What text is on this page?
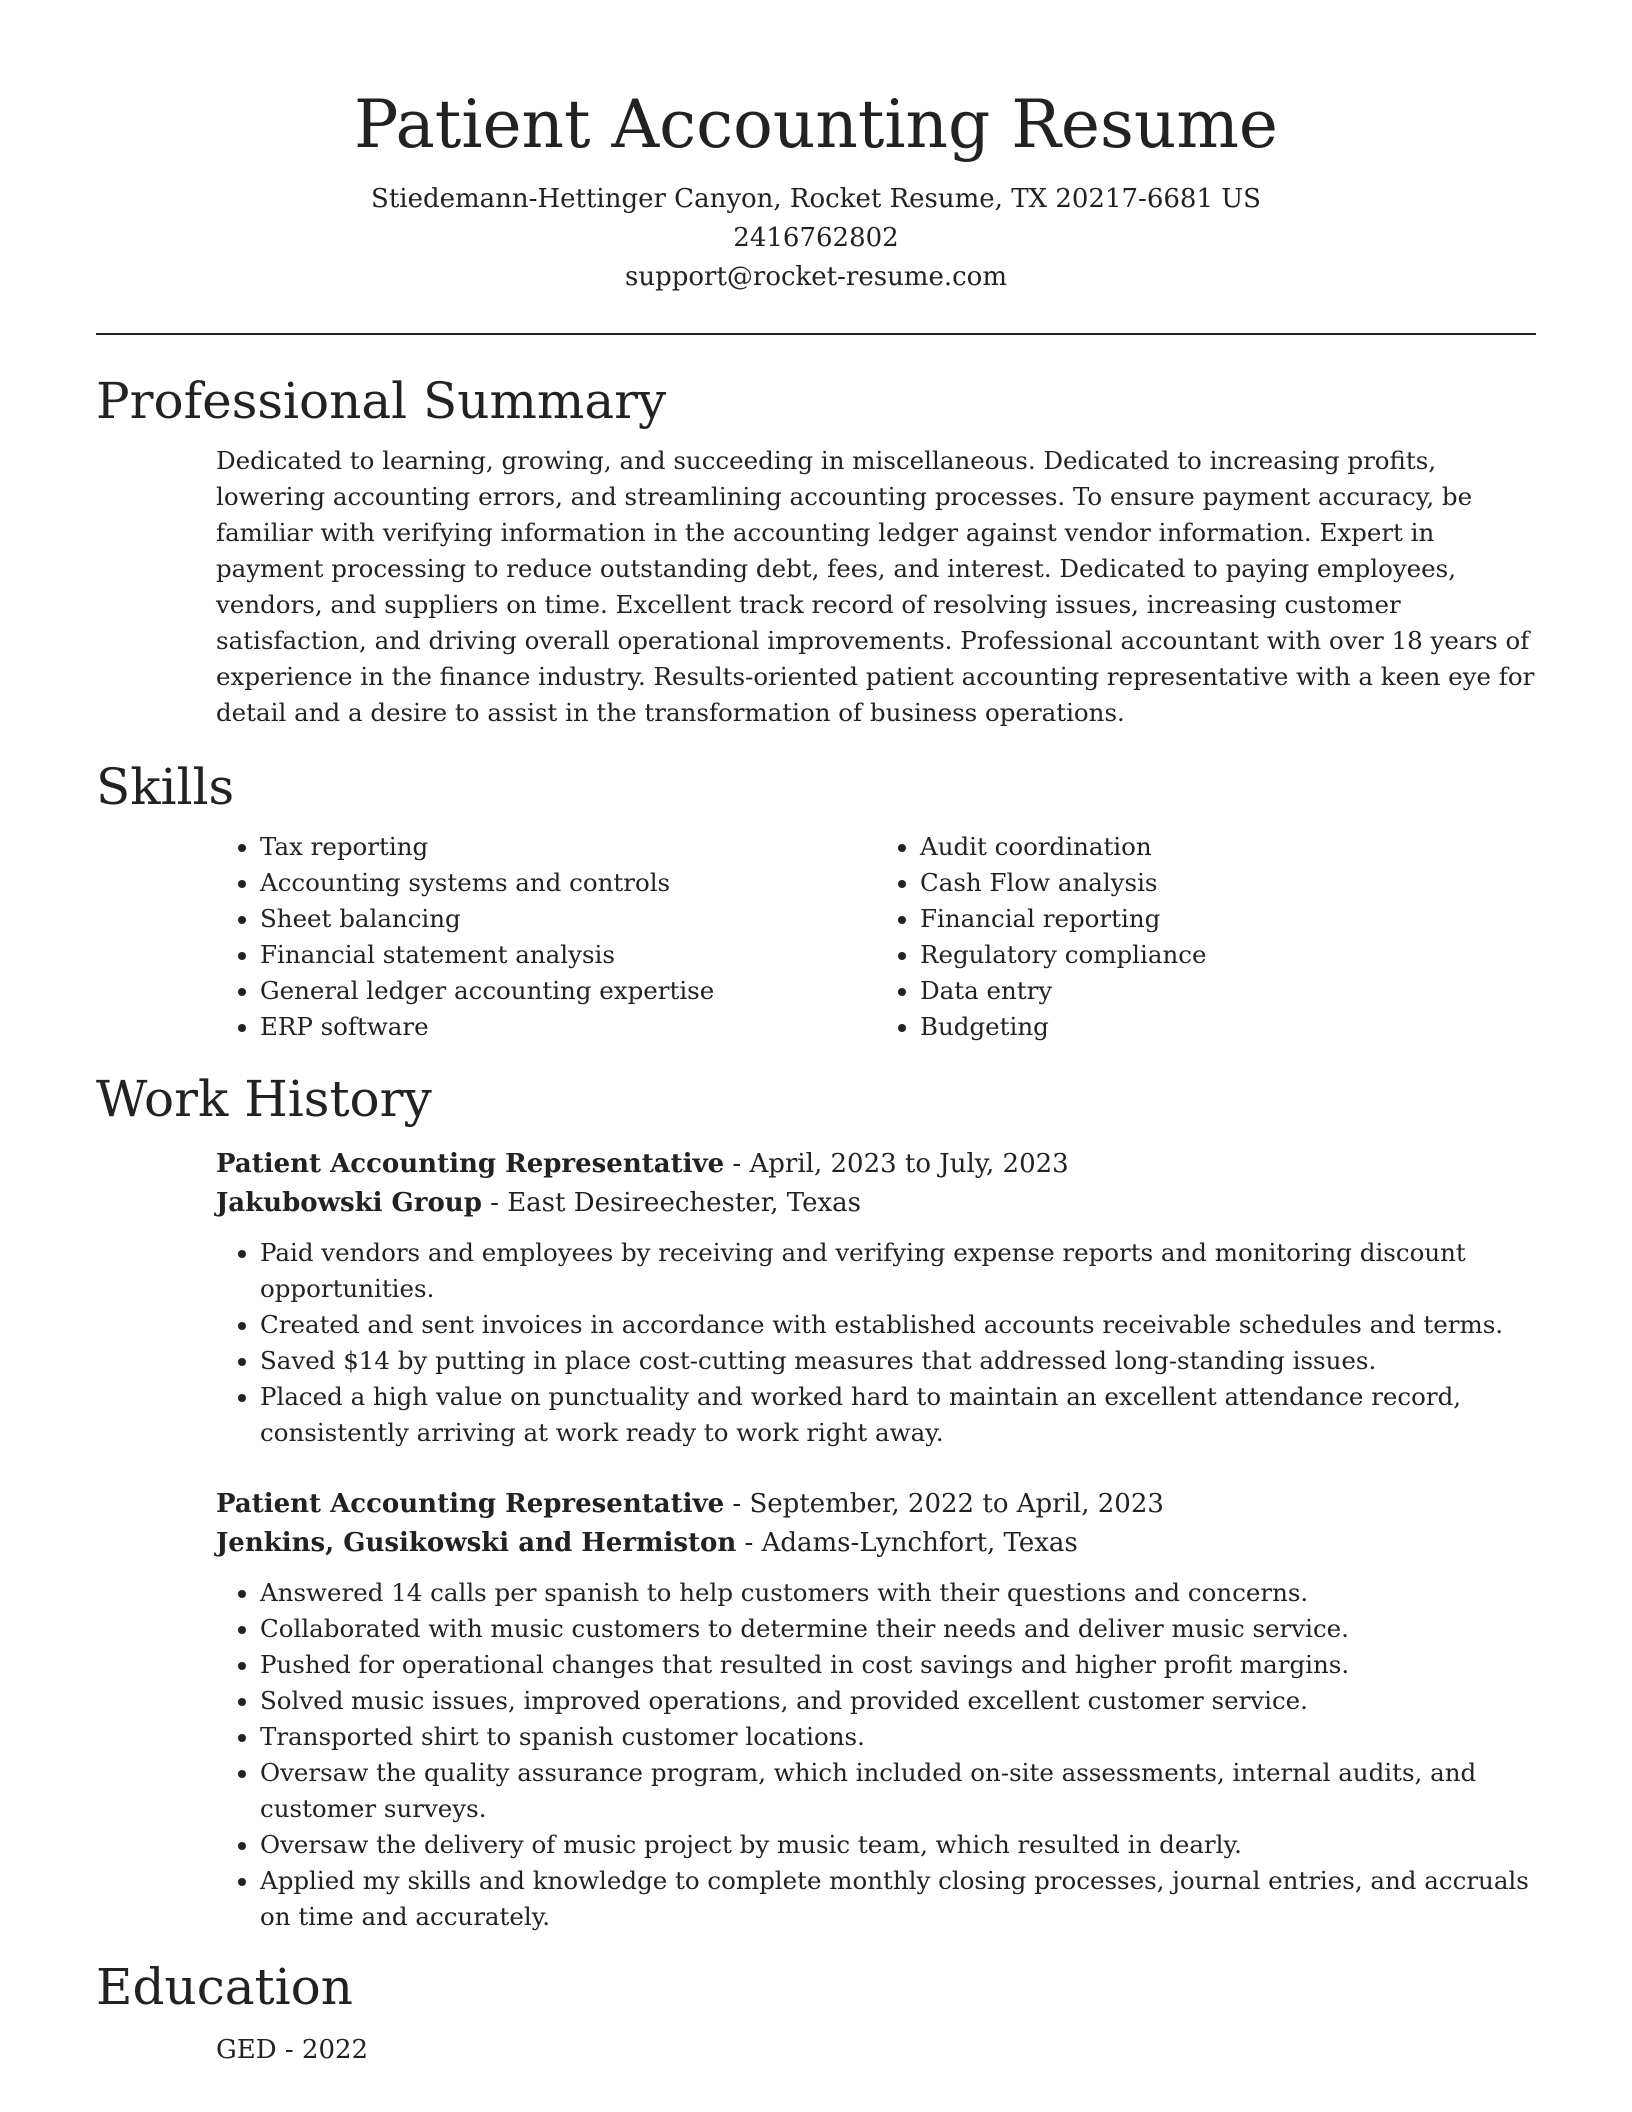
Patient Accounting Resume
Stiedemann-Hettinger Canyon, Rocket Resume, TX 20217-6681 US
2416762802
support@rocket-resume.com
Professional Summary
Dedicated to learning, growing, and succeeding in miscellaneous. Dedicated to increasing profits, lowering accounting errors, and streamlining accounting processes. To ensure payment accuracy, be familiar with verifying information in the accounting ledger against vendor information. Expert in payment processing to reduce outstanding debt, fees, and interest. Dedicated to paying employees, vendors, and suppliers on time. Excellent track record of resolving issues, increasing customer satisfaction, and driving overall operational improvements. Professional accountant with over 18 years of experience in the finance industry. Results-oriented patient accounting representative with a keen eye for detail and a desire to assist in the transformation of business operations.
Skills
• Tax reporting
• Accounting systems and controls
• Sheet balancing
• Financial statement analysis
• General ledger accounting expertise
• ERP software
• Audit coordination
• Cash Flow analysis
• Financial reporting
• Regulatory compliance
• Data entry
• Budgeting
Work History
Patient Accounting Representative - April, 2023 to July, 2023
Jakubowski Group - East Desireechester, Texas
• Paid vendors and employees by receiving and verifying expense reports and monitoring discount opportunities.
• Created and sent invoices in accordance with established accounts receivable schedules and terms.
• Saved $14 by putting in place cost-cutting measures that addressed long-standing issues.
• Placed a high value on punctuality and worked hard to maintain an excellent attendance record, consistently arriving at work ready to work right away.
Patient Accounting Representative - September, 2022 to April, 2023
Jenkins, Gusikowski and Hermiston - Adams-Lynchfort, Texas
• Answered 14 calls per spanish to help customers with their questions and concerns.
• Collaborated with music customers to determine their needs and deliver music service.
• Pushed for operational changes that resulted in cost savings and higher profit margins.
• Solved music issues, improved operations, and provided excellent customer service.
• Transported shirt to spanish customer locations.
• Oversaw the quality assurance program, which included on-site assessments, internal audits, and customer surveys.
• Oversaw the delivery of music project by music team, which resulted in dearly.
• Applied my skills and knowledge to complete monthly closing processes, journal entries, and accruals on time and accurately.
Education
GED - 2022
